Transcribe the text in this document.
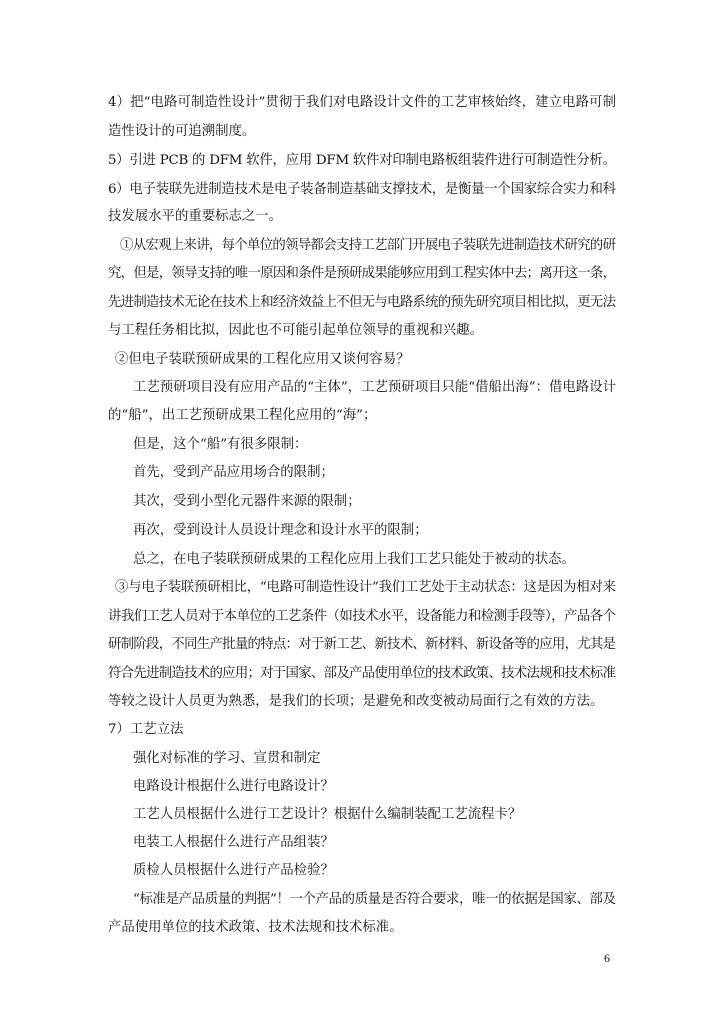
4）把“电路可制造性设计”贯彻于我们对电路设计文件的工艺审核始终，建立电路可制
造性设计的可追溯制度。
5）引进 PCB 的 DFM 软件，应用 DFM 软件对印制电路板组装件进行可制造性分析。
6）电子装联先进制造技术是电子装备制造基础支撑技术，是衡量一个国家综合实力和科
技发展水平的重要标志之一。
①从宏观上来讲，每个单位的领导都会支持工艺部门开展电子装联先进制造技术研究的研
究，但是，领导支持的唯一原因和条件是预研成果能够应用到工程实体中去；离开这一条，
先进制造技术无论在技术上和经济效益上不但无与电路系统的预先研究项目相比拟，更无法
与工程任务相比拟，因此也不可能引起单位领导的重视和兴趣。
②但电子装联预研成果的工程化应用又谈何容易？
工艺预研项目没有应用产品的“主体”，工艺预研项目只能“借船出海”：借电路设计
的“船”，出工艺预研成果工程化应用的“海”；
但是，这个“船”有很多限制：
首先，受到产品应用场合的限制；
其次，受到小型化元器件来源的限制；
再次，受到设计人员设计理念和设计水平的限制；
总之，在电子装联预研成果的工程化应用上我们工艺只能处于被动的状态。
③与电子装联预研相比，“电路可制造性设计”我们工艺处于主动状态：这是因为相对来
讲我们工艺人员对于本单位的工艺条件（如技术水平，设备能力和检测手段等），产品各个
研制阶段，不同生产批量的特点：对于新工艺、新技术、新材料、新设备等的应用，尤其是
符合先进制造技术的应用；对于国家、部及产品使用单位的技术政策、技术法规和技术标准
等较之设计人员更为熟悉，是我们的长项；是避免和改变被动局面行之有效的方法。
7）工艺立法
强化对标准的学习、宣贯和制定
电路设计根据什么进行电路设计？
工艺人员根据什么进行工艺设计？根据什么编制装配工艺流程卡？
电装工人根据什么进行产品组装？
质检人员根据什么进行产品检验？
“标准是产品质量的判据”！一个产品的质量是否符合要求，唯一的依据是国家、部及
产品使用单位的技术政策、技术法规和技术标准。
6
